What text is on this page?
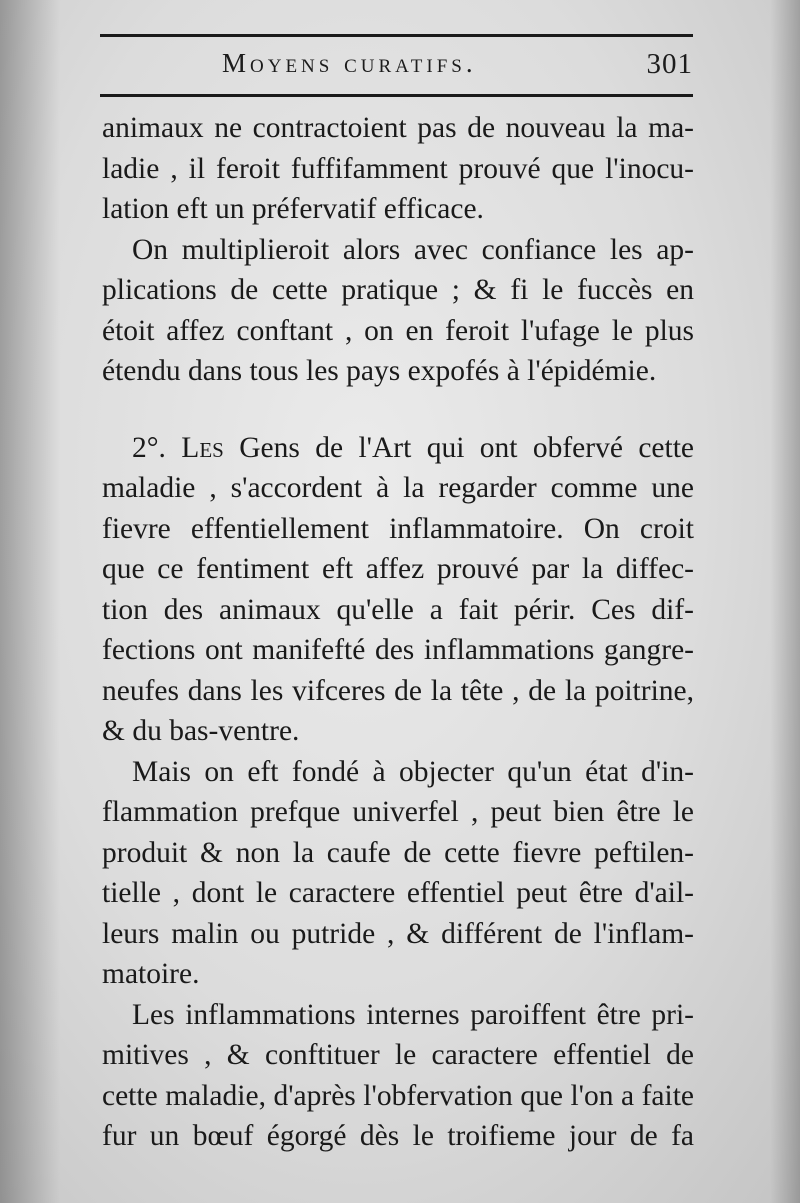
Moyens curatifs.	301
animaux ne contractoient pas de nouveau la ma-
ladie , il feroit fuffifamment prouvé que l'inocu-
lation eft un préfervatif efficace.
On multiplieroit alors avec confiance les ap-
plications de cette pratique ; & fi le fuccès en
étoit affez conftant , on en feroit l'ufage le plus
étendu dans tous les pays expofés à l'épidémie.
2°. Les Gens de l'Art qui ont obfervé cette
maladie , s'accordent à la regarder comme une
fievre effentiellement inflammatoire. On croit
que ce fentiment eft affez prouvé par la diffec-
tion des animaux qu'elle a fait périr. Ces dif-
fections ont manifefté des inflammations gangre-
neufes dans les vifceres de la tête , de la poitrine,
& du bas-ventre.
Mais on eft fondé à objecter qu'un état d'in-
flammation prefque univerfel , peut bien être le
produit & non la caufe de cette fievre peftilen-
tielle , dont le caractere effentiel peut être d'ail-
leurs malin ou putride , & différent de l'inflam-
matoire.
Les inflammations internes paroiffent être pri-
mitives , & conftituer le caractere effentiel de
cette maladie, d'après l'obfervation que l'on a faite
fur un bœuf égorgé dès le troifieme jour de fa
